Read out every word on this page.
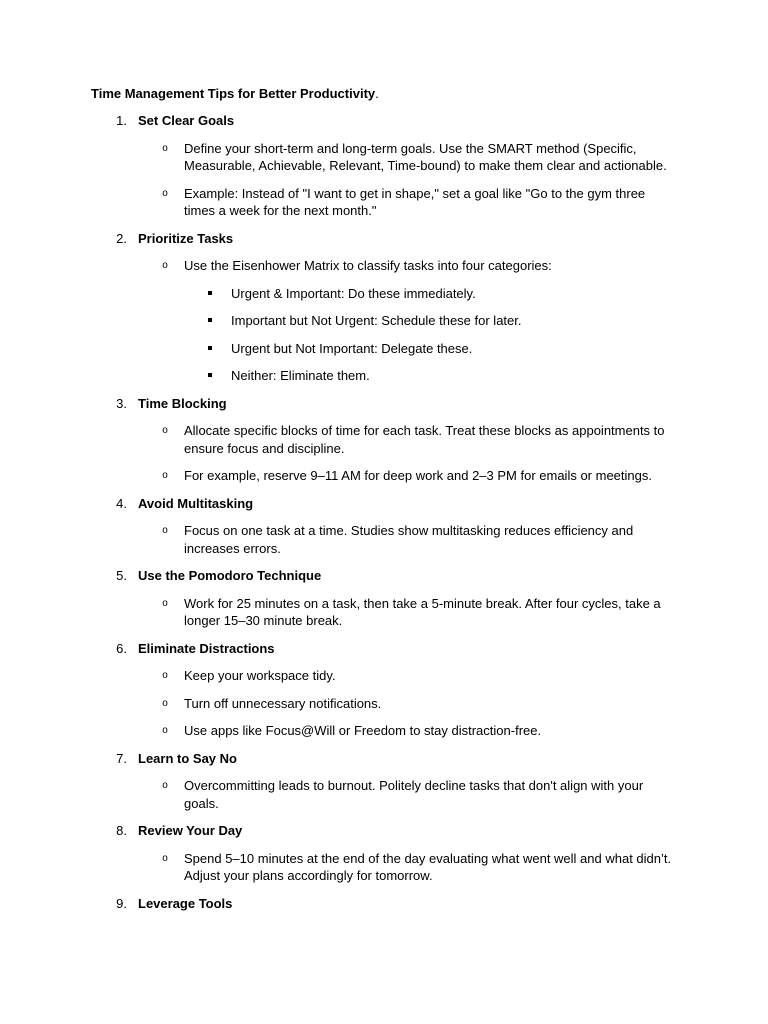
Time Management Tips for Better Productivity.

1. Set Clear Goals
o Define your short-term and long-term goals. Use the SMART method (Specific, Measurable, Achievable, Relevant, Time-bound) to make them clear and actionable.
o Example: Instead of "I want to get in shape," set a goal like "Go to the gym three times a week for the next month."
2. Prioritize Tasks
o Use the Eisenhower Matrix to classify tasks into four categories:
Urgent & Important: Do these immediately.
Important but Not Urgent: Schedule these for later.
Urgent but Not Important: Delegate these.
Neither: Eliminate them.
3. Time Blocking
o Allocate specific blocks of time for each task. Treat these blocks as appointments to ensure focus and discipline.
o For example, reserve 9–11 AM for deep work and 2–3 PM for emails or meetings.
4. Avoid Multitasking
o Focus on one task at a time. Studies show multitasking reduces efficiency and increases errors.
5. Use the Pomodoro Technique
o Work for 25 minutes on a task, then take a 5-minute break. After four cycles, take a longer 15–30 minute break.
6. Eliminate Distractions
o Keep your workspace tidy.
o Turn off unnecessary notifications.
o Use apps like Focus@Will or Freedom to stay distraction-free.
7. Learn to Say No
o Overcommitting leads to burnout. Politely decline tasks that don't align with your goals.
8. Review Your Day
o Spend 5–10 minutes at the end of the day evaluating what went well and what didn’t. Adjust your plans accordingly for tomorrow.
9. Leverage Tools
